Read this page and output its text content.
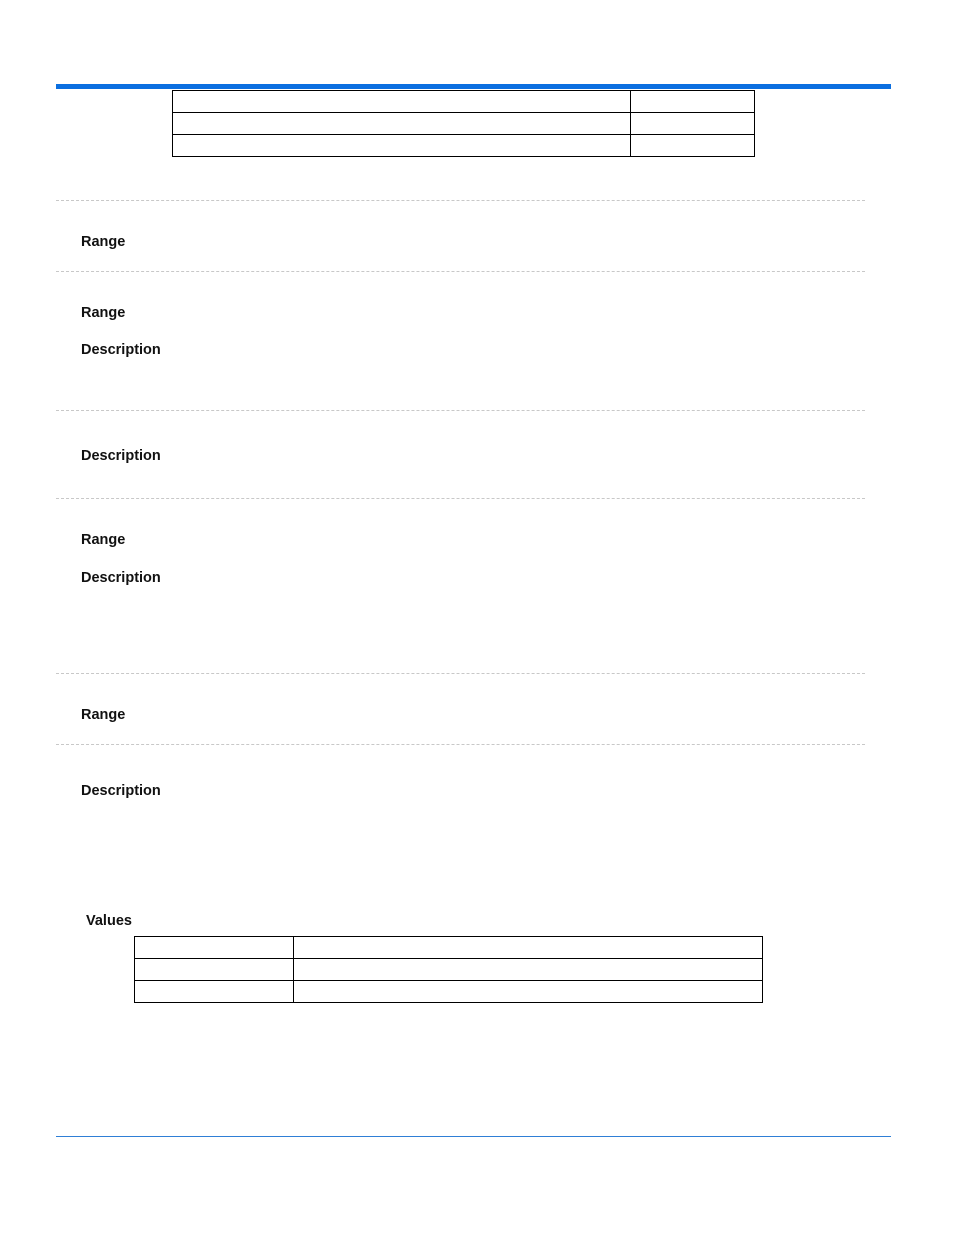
Range
Range
Description
Description
Range
Description
Range
Description
Values
